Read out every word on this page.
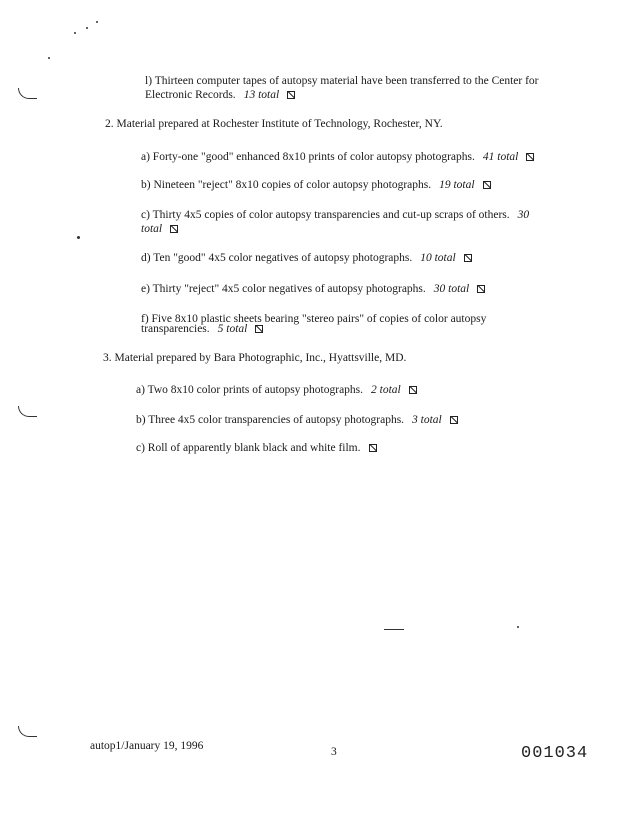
l) Thirteen computer tapes of autopsy material have been transferred to the Center for
Electronic Records. 13 total
2. Material prepared at Rochester Institute of Technology, Rochester, NY.
a) Forty-one "good" enhanced 8x10 prints of color autopsy photographs. 41 total
b) Nineteen "reject" 8x10 copies of color autopsy photographs. 19 total
c) Thirty 4x5 copies of color autopsy transparencies and cut-up scraps of others. 30
total
d) Ten "good" 4x5 color negatives of autopsy photographs. 10 total
e) Thirty "reject" 4x5 color negatives of autopsy photographs. 30 total
f) Five 8x10 plastic sheets bearing "stereo pairs" of copies of color autopsy
transparencies. 5 total
3. Material prepared by Bara Photographic, Inc., Hyattsville, MD.
a) Two 8x10 color prints of autopsy photographs. 2 total
b) Three 4x5 color transparencies of autopsy photographs. 3 total
c) Roll of apparently blank black and white film.
autop1/January 19, 1996	3	001034
